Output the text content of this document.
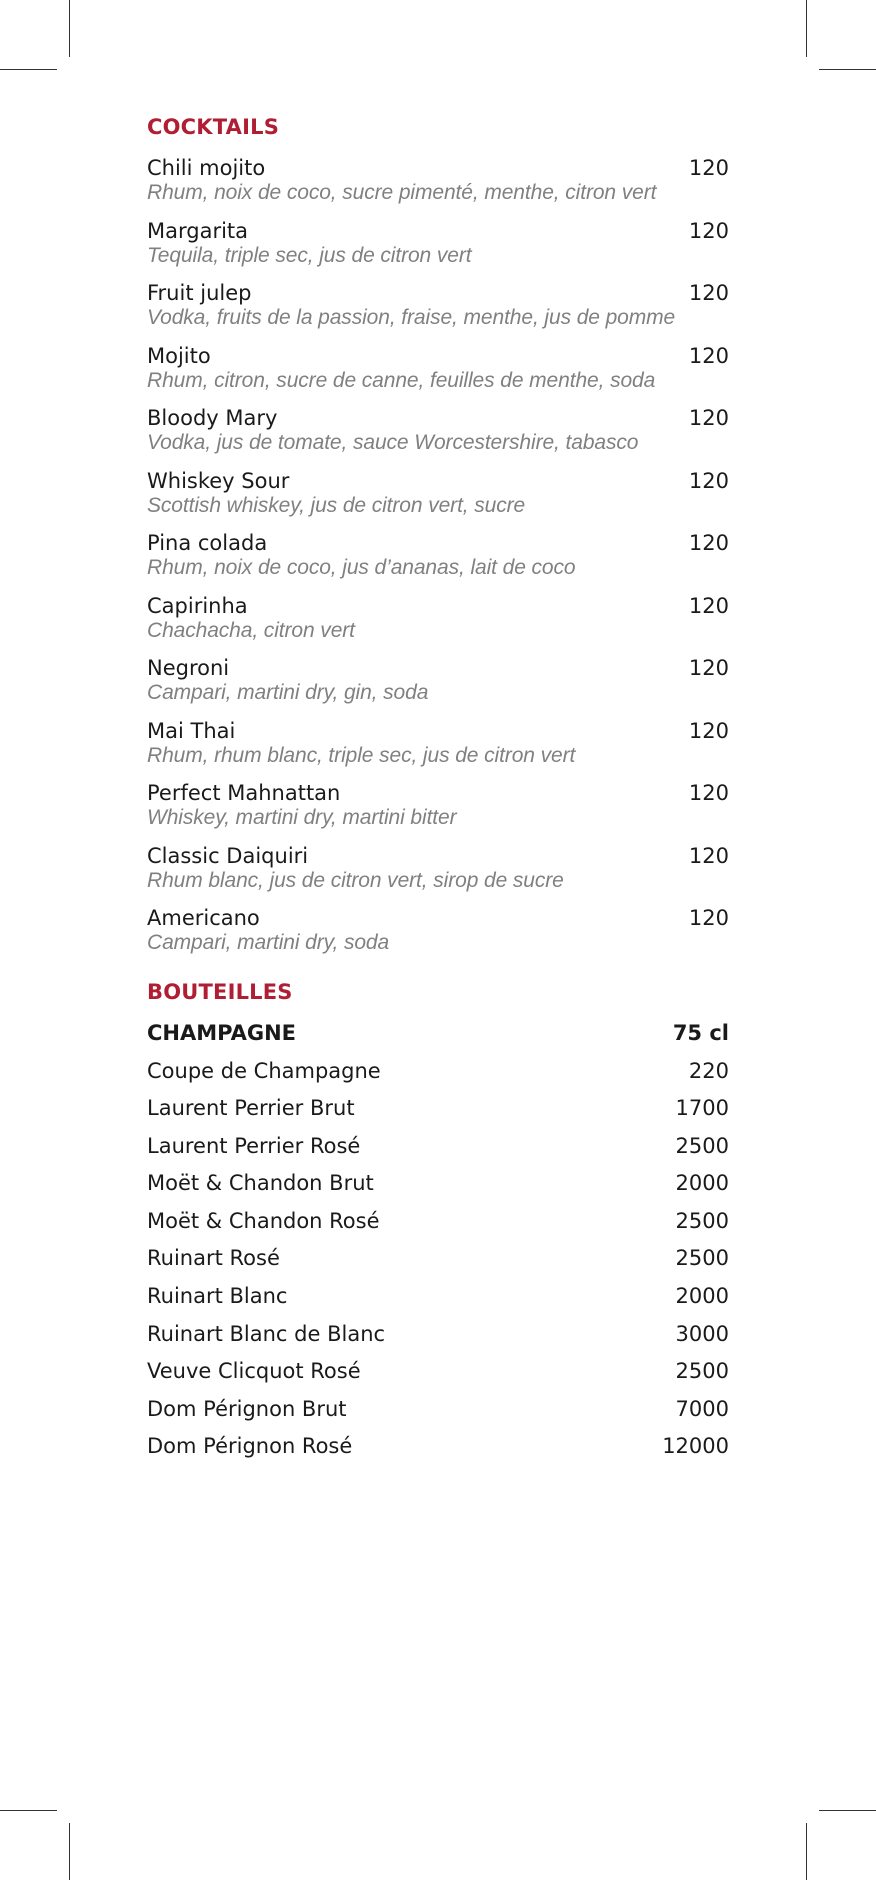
COCKTAILS
Chili mojito	120
Rhum, noix de coco, sucre pimenté, menthe, citron vert
Margarita	120
Tequila, triple sec, jus de citron vert
Fruit julep	120
Vodka, fruits de la passion, fraise, menthe, jus de pomme
Mojito	120
Rhum, citron, sucre de canne, feuilles de menthe, soda
Bloody Mary	120
Vodka, jus de tomate, sauce Worcestershire, tabasco
Whiskey Sour	120
Scottish whiskey, jus de citron vert, sucre
Pina colada	120
Rhum, noix de coco, jus d’ananas, lait de coco
Capirinha	120
Chachacha, citron vert
Negroni	120
Campari, martini dry, gin, soda
Mai Thai	120
Rhum, rhum blanc, triple sec, jus de citron vert
Perfect Mahnattan	120
Whiskey, martini dry, martini bitter
Classic Daiquiri	120
Rhum blanc, jus de citron vert, sirop de sucre
Americano	120
Campari, martini dry, soda
BOUTEILLES
CHAMPAGNE	75 cl
Coupe de Champagne	220
Laurent Perrier Brut	1700
Laurent Perrier Rosé	2500
Moët & Chandon Brut	2000
Moët & Chandon Rosé	2500
Ruinart Rosé	2500
Ruinart Blanc	2000
Ruinart Blanc de Blanc	3000
Veuve Clicquot Rosé	2500
Dom Pérignon Brut	7000
Dom Pérignon Rosé	12000
